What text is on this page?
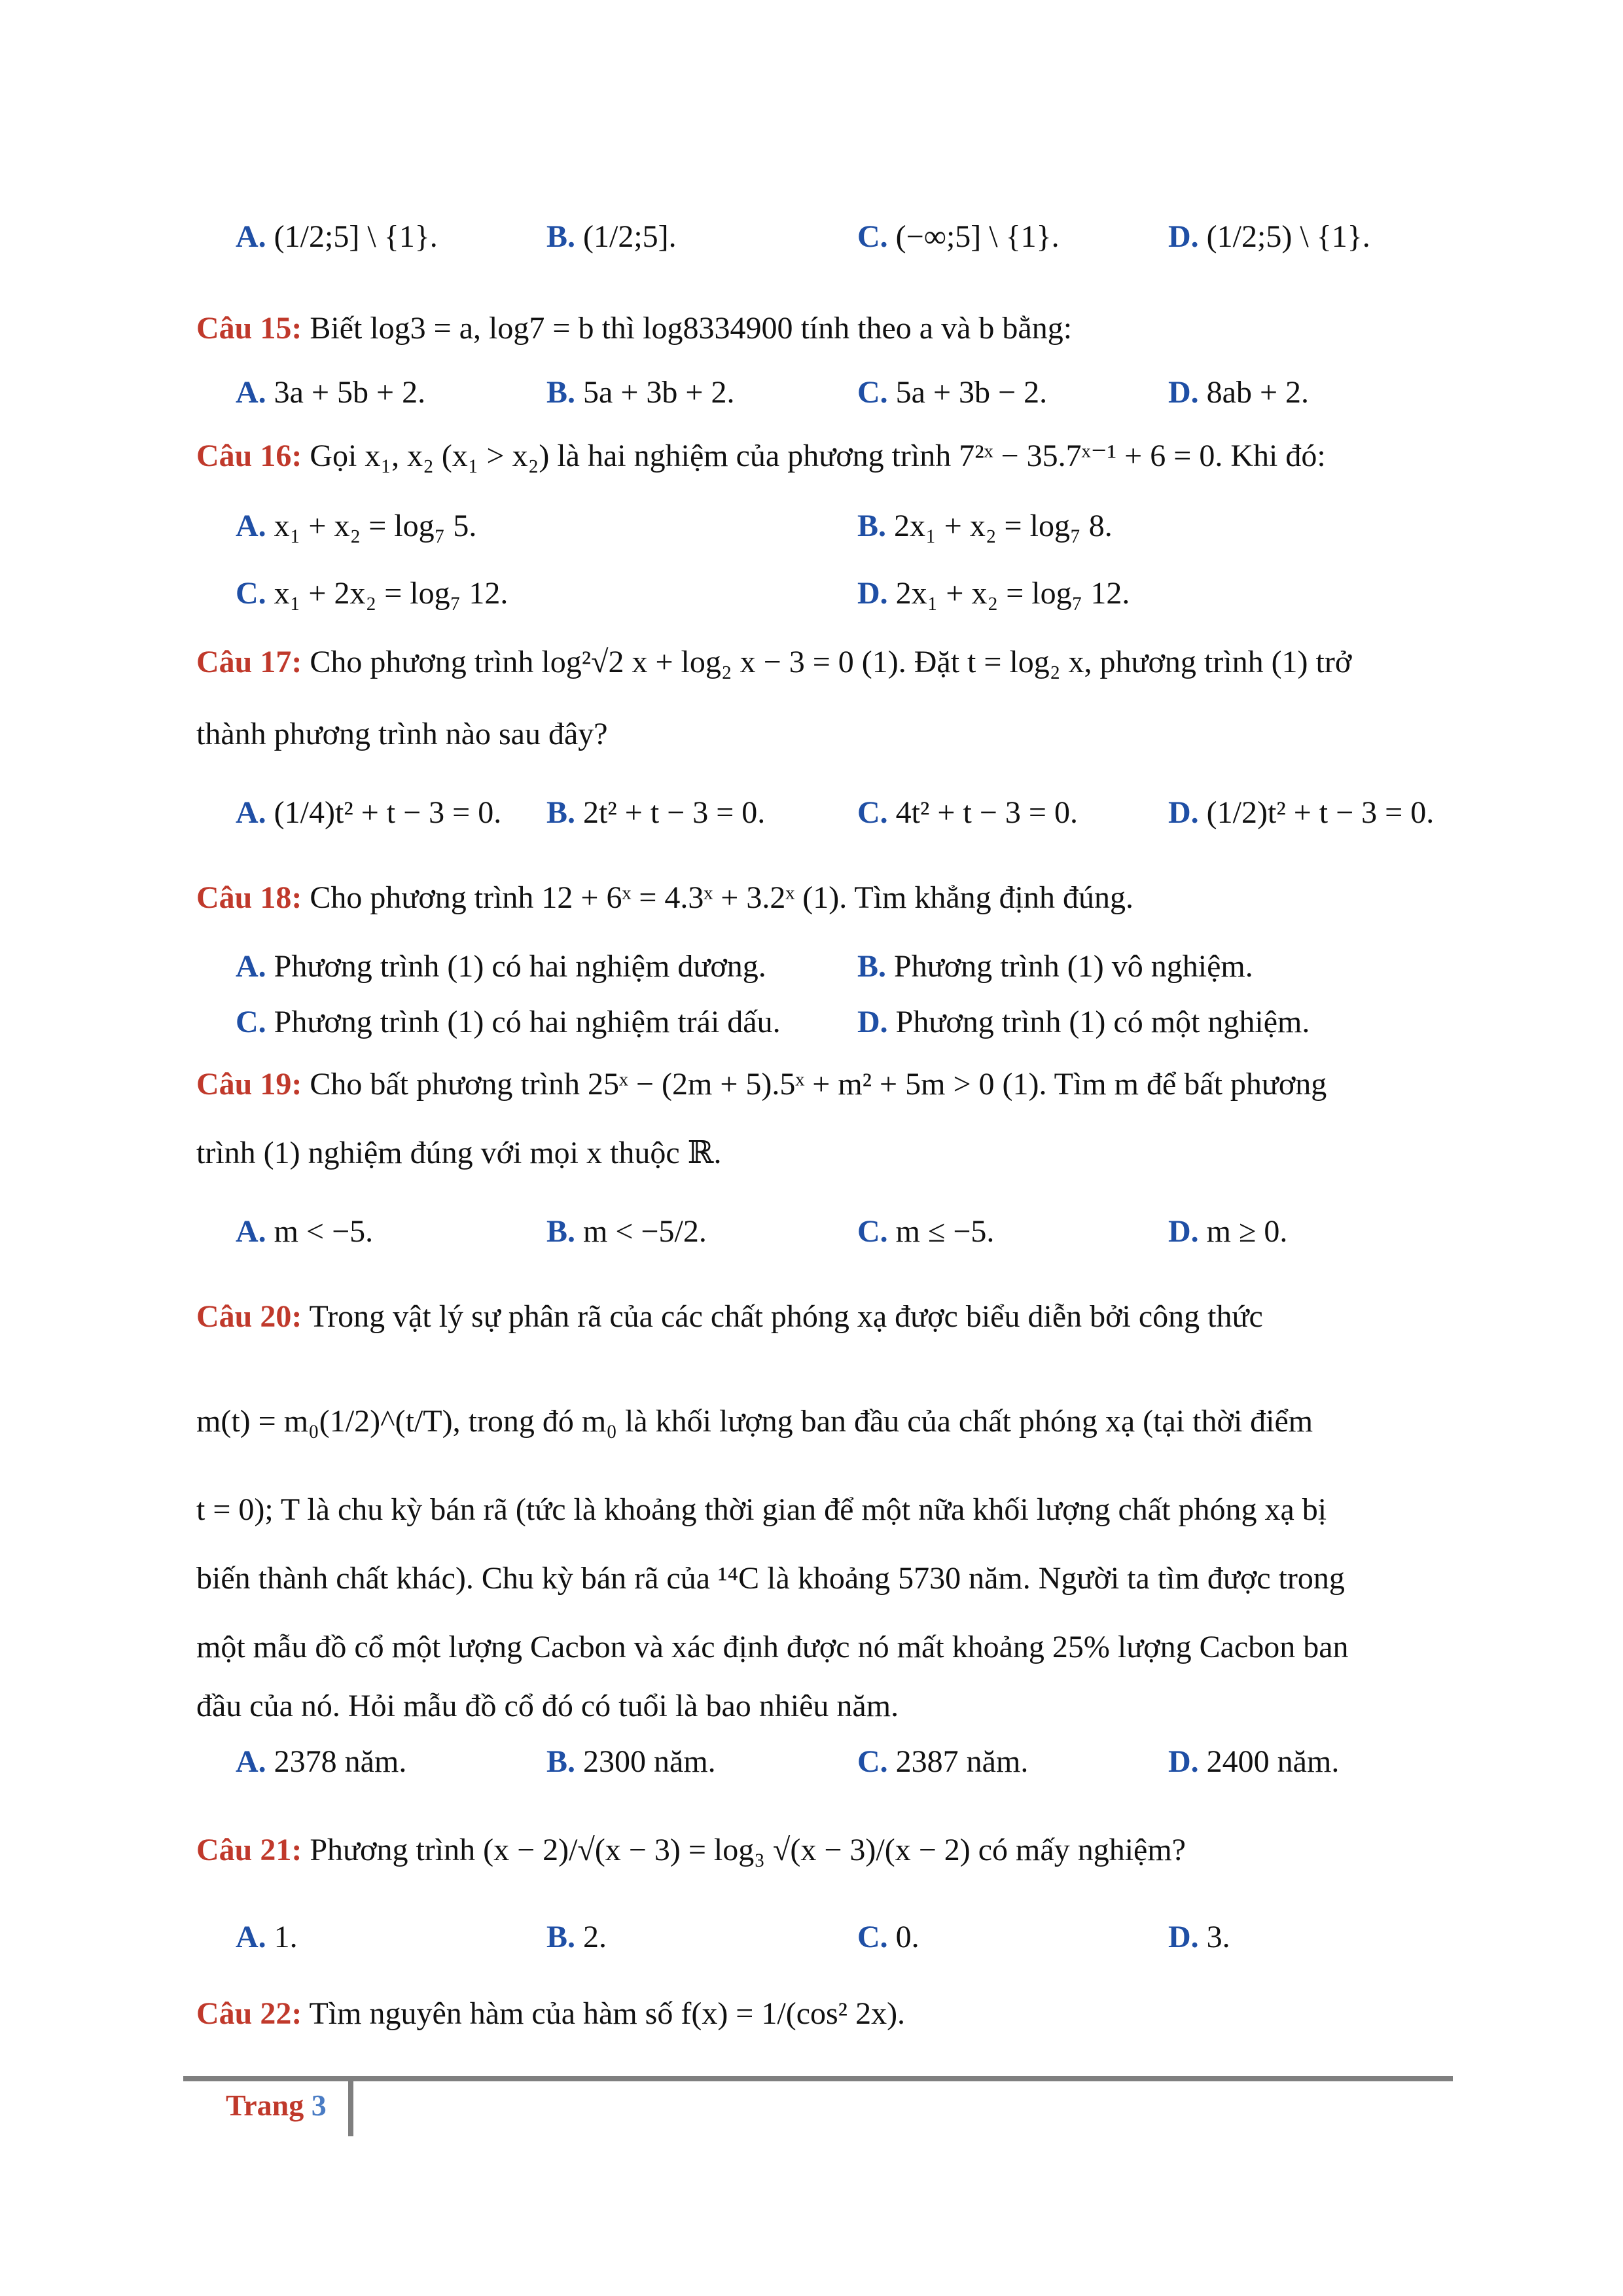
A. (1/2;5] \ {1}.	B. (1/2;5].	C. (−∞;5] \ {1}.	D. (1/2;5) \ {1}.
Câu 15: Biết log3 = a, log7 = b thì log8334900 tính theo a và b bằng:
A. 3a + 5b + 2.	B. 5a + 3b + 2.	C. 5a + 3b − 2.	D. 8ab + 2.
Câu 16: Gọi x₁, x₂ (x₁ > x₂) là hai nghiệm của phương trình 7²ˣ − 35.7ˣ⁻¹ + 6 = 0. Khi đó:
A. x₁ + x₂ = log₇ 5.	B. 2x₁ + x₂ = log₇ 8.
C. x₁ + 2x₂ = log₇ 12.	D. 2x₁ + x₂ = log₇ 12.
Câu 17: Cho phương trình log²√2 x + log₂ x − 3 = 0 (1). Đặt t = log₂ x, phương trình (1) trở
thành phương trình nào sau đây?
A. (1/4)t² + t − 3 = 0. B. 2t² + t − 3 = 0.	C. 4t² + t − 3 = 0.	D. (1/2)t² + t − 3 = 0.
Câu 18: Cho phương trình 12 + 6ˣ = 4.3ˣ + 3.2ˣ (1). Tìm khẳng định đúng.
A. Phương trình (1) có hai nghiệm dương.	B. Phương trình (1) vô nghiệm.
C. Phương trình (1) có hai nghiệm trái dấu. D. Phương trình (1) có một nghiệm.
Câu 19: Cho bất phương trình 25ˣ − (2m + 5).5ˣ + m² + 5m > 0 (1). Tìm m để bất phương
trình (1) nghiệm đúng với mọi x thuộc ℝ.
A. m < −5.	B. m < −5/2.	C. m ≤ −5.	D. m ≥ 0.
Câu 20: Trong vật lý sự phân rã của các chất phóng xạ được biểu diễn bởi công thức
m(t) = m₀(1/2)^(t/T), trong đó m₀ là khối lượng ban đầu của chất phóng xạ (tại thời điểm
t = 0); T là chu kỳ bán rã (tức là khoảng thời gian để một nữa khối lượng chất phóng xạ bị
biến thành chất khác). Chu kỳ bán rã của ¹⁴C là khoảng 5730 năm. Người ta tìm được trong
một mẫu đồ cổ một lượng Cacbon và xác định được nó mất khoảng 25% lượng Cacbon ban
đầu của nó. Hỏi mẫu đồ cổ đó có tuổi là bao nhiêu năm.
A. 2378 năm.	B. 2300 năm.	C. 2387 năm.	D. 2400 năm.
Câu 21: Phương trình (x − 2)/√(x − 3) = log₃ √(x − 3)/(x − 2) có mấy nghiệm?
A. 1.	B. 2.	C. 0.	D. 3.
Câu 22: Tìm nguyên hàm của hàm số f(x) = 1/(cos² 2x).
Trang 3
